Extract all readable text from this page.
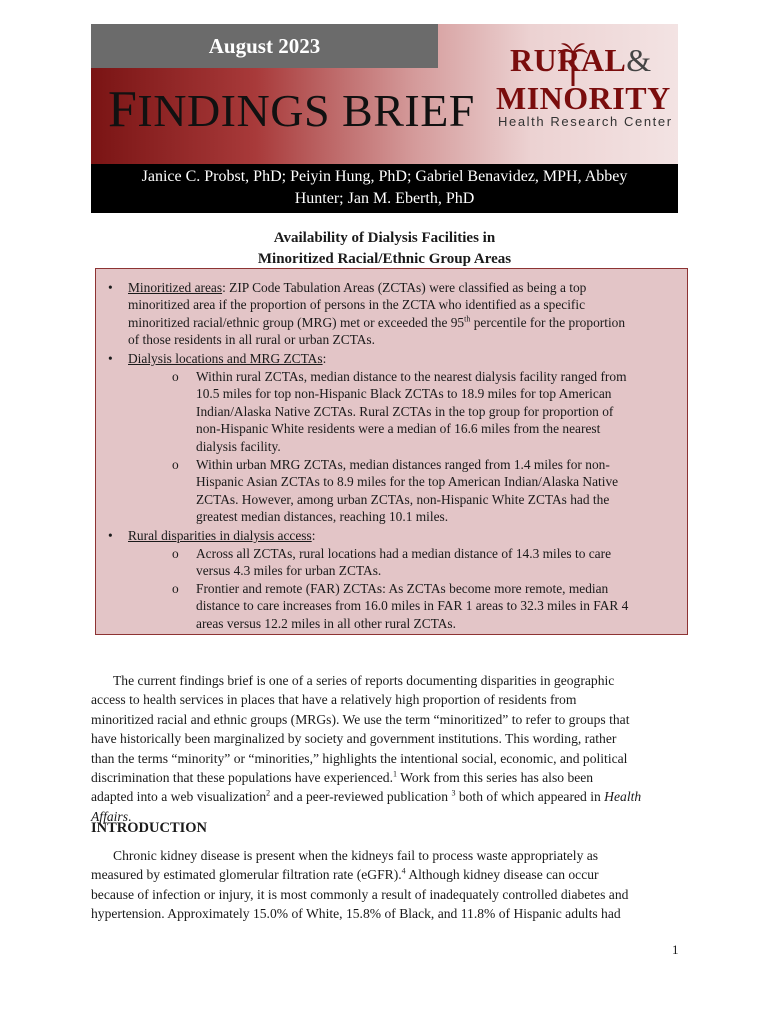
August 2023
FINDINGS BRIEF
RURAL&
MINORITY
Health Research Center
Janice C. Probst, PhD; Peiyin Hung, PhD; Gabriel Benavidez, MPH, Abbey
Hunter; Jan M. Eberth, PhD
Availability of Dialysis Facilities in
Minoritized Racial/Ethnic Group Areas
• Minoritized areas: ZIP Code Tabulation Areas (ZCTAs) were classified as being a top
minoritized area if the proportion of persons in the ZCTA who identified as a specific
minoritized racial/ethnic group (MRG) met or exceeded the 95th percentile for the proportion
of those residents in all rural or urban ZCTAs.
• Dialysis locations and MRG ZCTAs:
o Within rural ZCTAs, median distance to the nearest dialysis facility ranged from
10.5 miles for top non-Hispanic Black ZCTAs to 18.9 miles for top American
Indian/Alaska Native ZCTAs. Rural ZCTAs in the top group for proportion of
non-Hispanic White residents were a median of 16.6 miles from the nearest
dialysis facility.
o Within urban MRG ZCTAs, median distances ranged from 1.4 miles for non-
Hispanic Asian ZCTAs to 8.9 miles for the top American Indian/Alaska Native
ZCTAs. However, among urban ZCTAs, non-Hispanic White ZCTAs had the
greatest median distances, reaching 10.1 miles.
• Rural disparities in dialysis access:
o Across all ZCTAs, rural locations had a median distance of 14.3 miles to care
versus 4.3 miles for urban ZCTAs.
o Frontier and remote (FAR) ZCTAs: As ZCTAs become more remote, median
distance to care increases from 16.0 miles in FAR 1 areas to 32.3 miles in FAR 4
areas versus 12.2 miles in all other rural ZCTAs.
The current findings brief is one of a series of reports documenting disparities in geographic
access to health services in places that have a relatively high proportion of residents from
minoritized racial and ethnic groups (MRGs). We use the term “minoritized” to refer to groups that
have historically been marginalized by society and government institutions. This wording, rather
than the terms “minority” or “minorities,” highlights the intentional social, economic, and political
discrimination that these populations have experienced.$^1$ Work from this series has also been
adapted into a web visualization$^2$ and a peer-reviewed publication $^3$ both of which appeared in Health
Affairs.
INTRODUCTION
Chronic kidney disease is present when the kidneys fail to process waste appropriately as
measured by estimated glomerular filtration rate (eGFR).$^4$ Although kidney disease can occur
because of infection or injury, it is most commonly a result of inadequately controlled diabetes and
hypertension. Approximately 15.0% of White, 15.8% of Black, and 11.8% of Hispanic adults had
1
